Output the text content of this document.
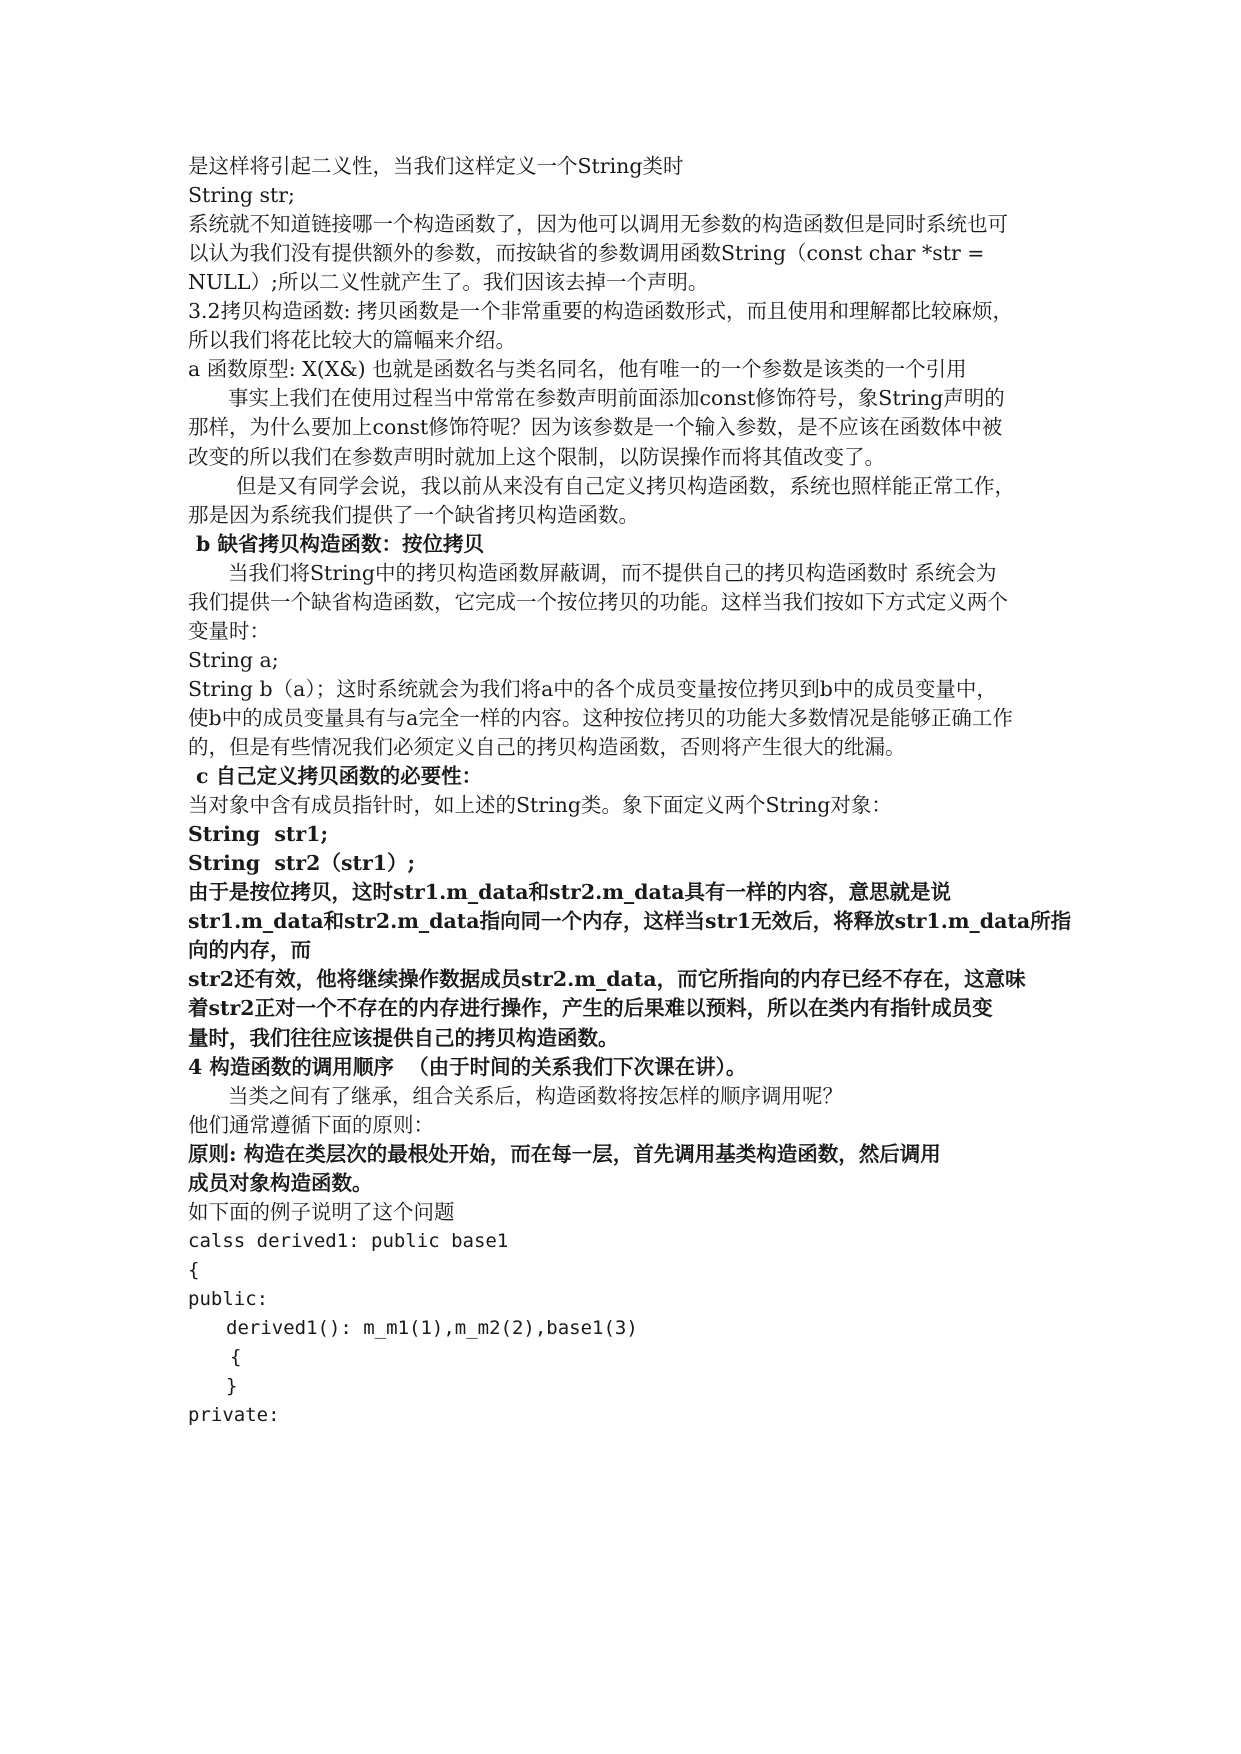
是这样将引起二义性，当我们这样定义一个String类时
String str;
系统就不知道链接哪一个构造函数了，因为他可以调用无参数的构造函数但是同时系统也可
以认为我们没有提供额外的参数，而按缺省的参数调用函数String（const char *str =
NULL）;所以二义性就产生了。我们因该去掉一个声明。
3.2拷贝构造函数: 拷贝函数是一个非常重要的构造函数形式，而且使用和理解都比较麻烦，
所以我们将花比较大的篇幅来介绍。
a 函数原型: X(X&) 也就是函数名与类名同名，他有唯一的一个参数是该类的一个引用
事实上我们在使用过程当中常常在参数声明前面添加const修饰符号，象String声明的
那样，为什么要加上const修饰符呢？因为该参数是一个输入参数，是不应该在函数体中被
改变的所以我们在参数声明时就加上这个限制，以防误操作而将其值改变了。
但是又有同学会说，我以前从来没有自己定义拷贝构造函数，系统也照样能正常工作，
那是因为系统我们提供了一个缺省拷贝构造函数。
b 缺省拷贝构造函数：按位拷贝
当我们将String中的拷贝构造函数屏蔽调，而不提供自己的拷贝构造函数时 系统会为
我们提供一个缺省构造函数，它完成一个按位拷贝的功能。这样当我们按如下方式定义两个
变量时：
String a;
String b（a）；这时系统就会为我们将a中的各个成员变量按位拷贝到b中的成员变量中，
使b中的成员变量具有与a完全一样的内容。这种按位拷贝的功能大多数情况是能够正确工作
的，但是有些情况我们必须定义自己的拷贝构造函数，否则将产生很大的纰漏。
c 自己定义拷贝函数的必要性：
当对象中含有成员指针时，如上述的String类。象下面定义两个String对象：
String  str1;
String  str2（str1）;
由于是按位拷贝，这时str1.m_data和str2.m_data具有一样的内容，意思就是说
str1.m_data和str2.m_data指向同一个内存，这样当str1无效后，将释放str1.m_data所指
向的内存，而
str2还有效，他将继续操作数据成员str2.m_data，而它所指向的内存已经不存在，这意味
着str2正对一个不存在的内存进行操作，产生的后果难以预料，所以在类内有指针成员变
量时，我们往往应该提供自己的拷贝构造函数。
4 构造函数的调用顺序  （由于时间的关系我们下次课在讲）。
当类之间有了继承，组合关系后，构造函数将按怎样的顺序调用呢？
他们通常遵循下面的原则：
原则: 构造在类层次的最根处开始，而在每一层，首先调用基类构造函数，然后调用
成员对象构造函数。
如下面的例子说明了这个问题
calss derived1: public base1
{
public:
derived1(): m_m1(1),m_m2(2),base1(3)
{
}
private:
